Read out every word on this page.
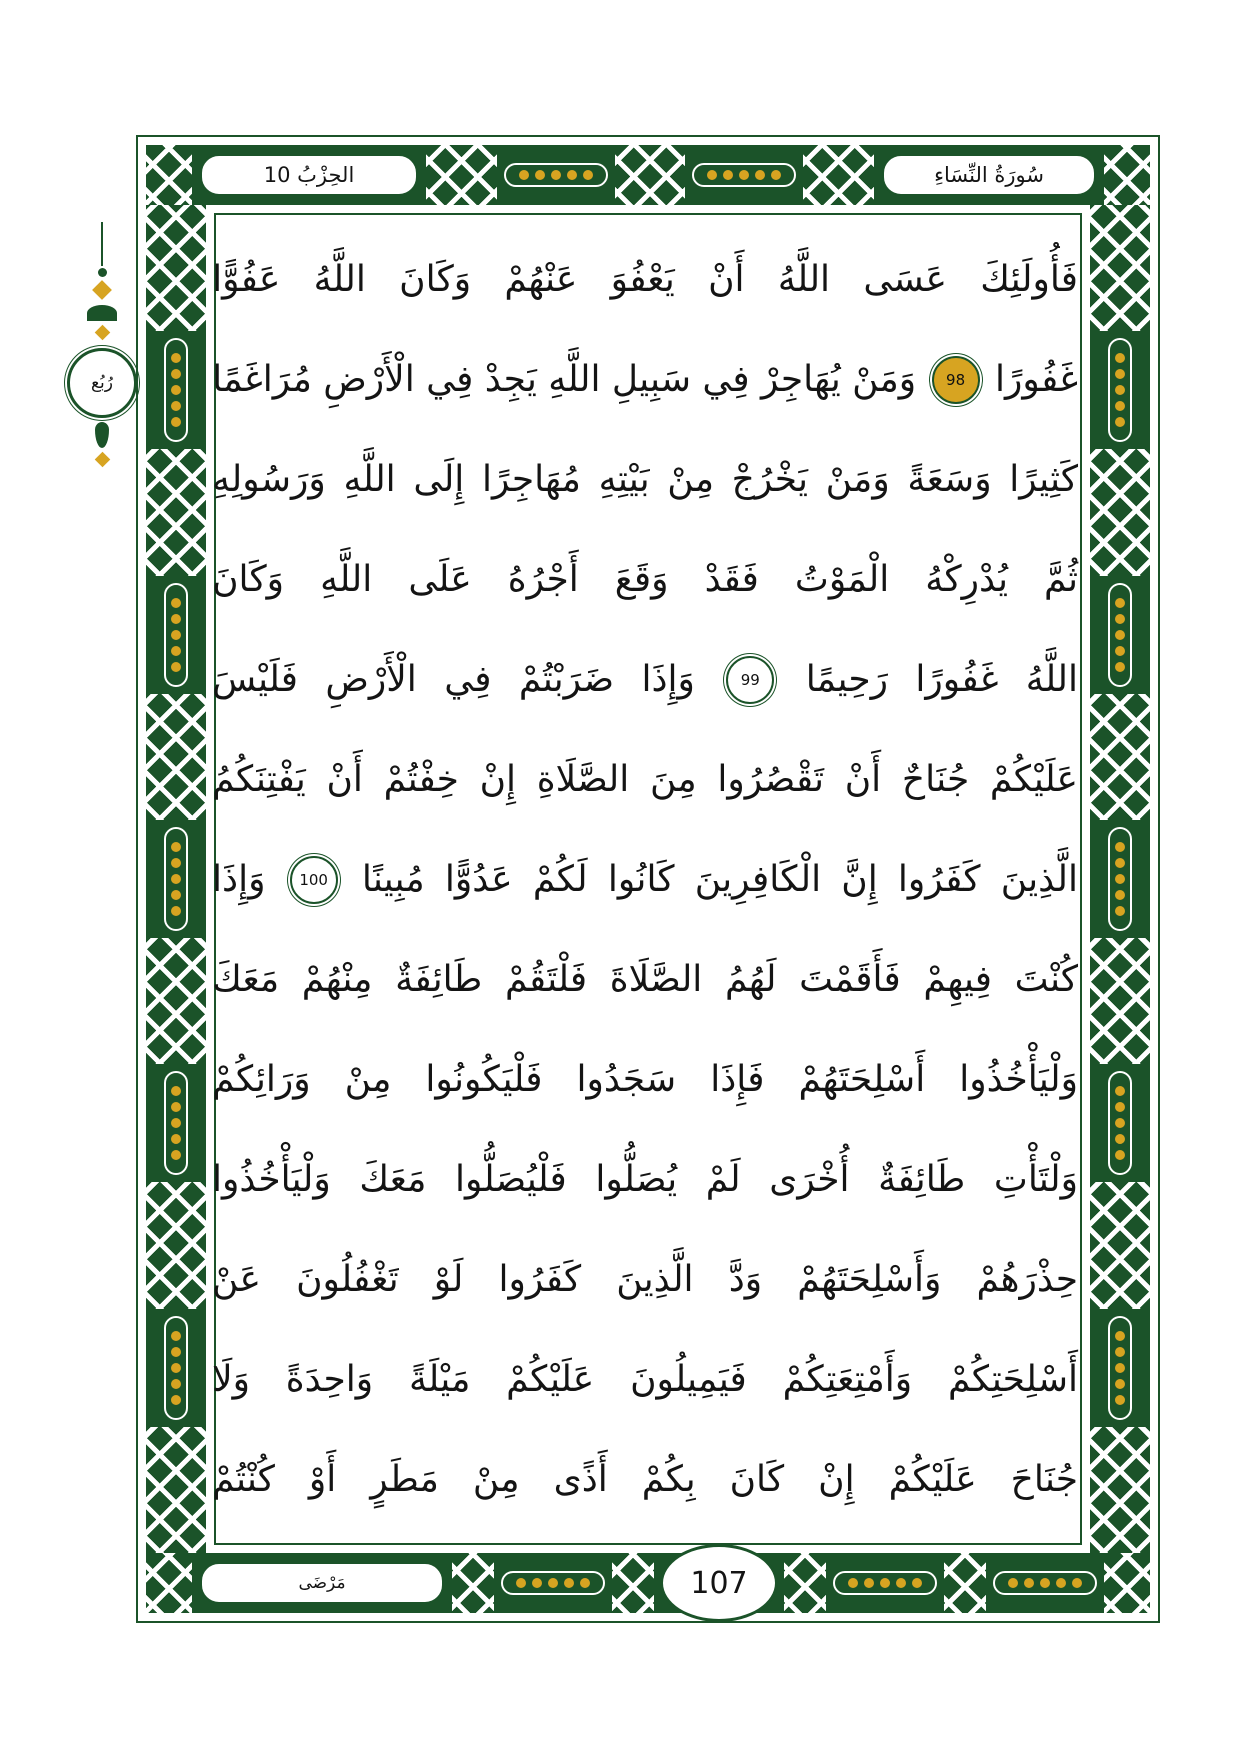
رُبُع
الحِزْبُ 10	سُورَةُ النِّسَاءِ
مَرْضَى	107
فَأُولَئِكَ
عَسَى
اللَّهُ
أَنْ
يَعْفُوَ
عَنْهُمْ
وَكَانَ
اللَّهُ
عَفُوًّا
غَفُورًا
98
وَمَنْ
يُهَاجِرْ
فِي
سَبِيلِ
اللَّهِ
يَجِدْ
فِي
الْأَرْضِ
مُرَاغَمًا
كَثِيرًا
وَسَعَةً
وَمَنْ
يَخْرُجْ
مِنْ
بَيْتِهِ
مُهَاجِرًا
إِلَى
اللَّهِ
وَرَسُولِهِ
ثُمَّ
يُدْرِكْهُ
الْمَوْتُ
فَقَدْ
وَقَعَ
أَجْرُهُ
عَلَى
اللَّهِ
وَكَانَ
اللَّهُ
غَفُورًا
رَحِيمًا
99
وَإِذَا
ضَرَبْتُمْ
فِي
الْأَرْضِ
فَلَيْسَ
عَلَيْكُمْ
جُنَاحٌ
أَنْ
تَقْصُرُوا
مِنَ
الصَّلَاةِ
إِنْ
خِفْتُمْ
أَنْ
يَفْتِنَكُمُ
الَّذِينَ
كَفَرُوا
إِنَّ
الْكَافِرِينَ
كَانُوا
لَكُمْ
عَدُوًّا
مُبِينًا
100
وَإِذَا
كُنْتَ
فِيهِمْ
فَأَقَمْتَ
لَهُمُ
الصَّلَاةَ
فَلْتَقُمْ
طَائِفَةٌ
مِنْهُمْ
مَعَكَ
وَلْيَأْخُذُوا
أَسْلِحَتَهُمْ
فَإِذَا
سَجَدُوا
فَلْيَكُونُوا
مِنْ
وَرَائِكُمْ
وَلْتَأْتِ
طَائِفَةٌ
أُخْرَى
لَمْ
يُصَلُّوا
فَلْيُصَلُّوا
مَعَكَ
وَلْيَأْخُذُوا
حِذْرَهُمْ
وَأَسْلِحَتَهُمْ
وَدَّ
الَّذِينَ
كَفَرُوا
لَوْ
تَغْفُلُونَ
عَنْ
أَسْلِحَتِكُمْ
وَأَمْتِعَتِكُمْ
فَيَمِيلُونَ
عَلَيْكُمْ
مَيْلَةً
وَاحِدَةً
وَلَا
جُنَاحَ
عَلَيْكُمْ
إِنْ
كَانَ
بِكُمْ
أَذًى
مِنْ
مَطَرٍ
أَوْ
كُنْتُمْ
